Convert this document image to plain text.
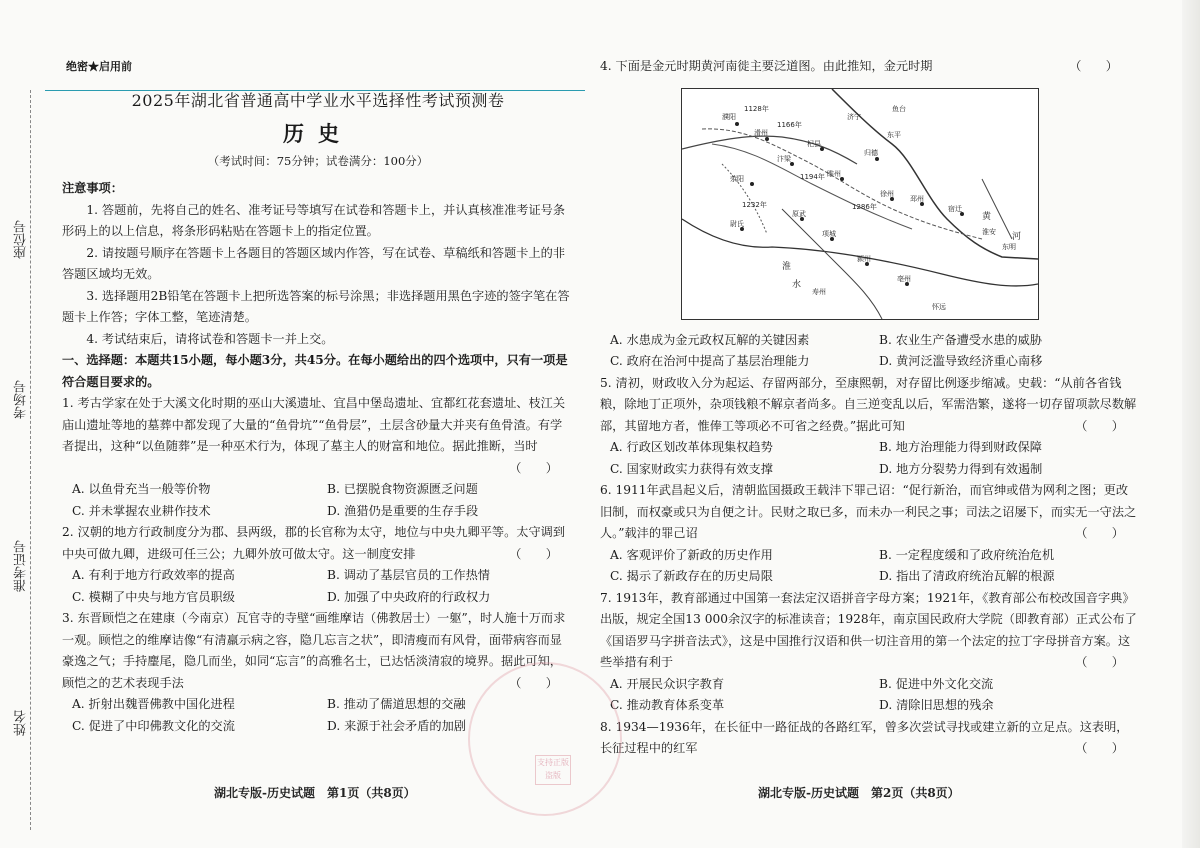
座位号
考场号
准考证号
姓名
绝密★启用前
2025年湖北省普通高中学业水平选择性考试预测卷
历史
（考试时间：75分钟；试卷满分：100分）
注意事项：
1. 答题前，先将自己的姓名、准考证号等填写在试卷和答题卡上，并认真核准准考证号条形码上的以上信息，将条形码粘贴在答题卡上的指定位置。
2. 请按题号顺序在答题卡上各题目的答题区域内作答，写在试卷、草稿纸和答题卡上的非答题区域均无效。
3. 选择题用2B铅笔在答题卡上把所选答案的标号涂黑；非选择题用黑色字迹的签字笔在答题卡上作答；字体工整，笔迹清楚。
4. 考试结束后，请将试卷和答题卡一并上交。
一、选择题：本题共15小题，每小题3分，共45分。在每小题给出的四个选项中，只有一项是符合题目要求的。
1. 考古学家在处于大溪文化时期的巫山大溪遗址、宜昌中堡岛遗址、宜都红花套遗址、枝江关庙山遗址等地的墓葬中都发现了大量的“鱼骨坑”“鱼骨层”，土层含砂量大并夹有鱼骨渣。有学者提出，这种“以鱼随葬”是一种巫术行为，体现了墓主人的财富和地位。据此推断，当时
（　　）
A. 以鱼骨充当一般等价物	B. 已摆脱食物资源匮乏问题
C. 并未掌握农业耕作技术	D. 渔猎仍是重要的生存手段
2. 汉朝的地方行政制度分为郡、县两级，郡的长官称为太守，地位与中央九卿平等。太守调到中央可做九卿，进级可任三公；九卿外放可做太守。这一制度安排	（　　）
A. 有利于地方行政效率的提高	B. 调动了基层官员的工作热情
C. 模糊了中央与地方官员职级	D. 加强了中央政府的行政权力
3. 东晋顾恺之在建康（今南京）瓦官寺的寺壁“画维摩诘（佛教居士）一躯”，时人施十万而求一观。顾恺之的维摩诘像“有清羸示病之容，隐几忘言之状”，即清瘦而有风骨，面带病容而显豪逸之气；手持麈尾，隐几而坐，如同“忘言”的高雅名士，已达恬淡清寂的境界。据此可知，顾恺之的艺术表现手法	（　　）
A. 折射出魏晋佛教中国化进程	B. 推动了儒道思想的交融
C. 促进了中印佛教文化的交流	D. 来源于社会矛盾的加剧
湖北专版-历史试题　第1页（共8页）
4. 下面是金元时期黄河南徙主要泛道图。由此推知，金元时期	（　　）
A. 水患成为金元政权瓦解的关键因素	B. 农业生产备遭受水患的威胁
C. 政府在治河中提高了基层治理能力	D. 黄河泛滥导致经济重心南移
5. 清初，财政收入分为起运、存留两部分，至康熙朝，对存留比例逐步缩减。史载：“从前各省钱粮，除地丁正项外，杂项钱粮不解京者尚多。自三逆变乱以后，军需浩繁，遂将一切存留项款尽数解部，其留地方者，惟俸工等项必不可省之经费。”据此可知	（　　）
A. 行政区划改革体现集权趋势	B. 地方治理能力得到财政保障
C. 国家财政实力获得有效支撑	D. 地方分裂势力得到有效遏制
6. 1911年武昌起义后，清朝监国摄政王载沣下罪己诏：“促行新治，而官绅或借为网利之图；更改旧制，而权豪或只为自便之计。民财之取已多，而未办一利民之事；司法之诏屡下，而实无一守法之人。”载沣的罪己诏	（　　）
A. 客观评价了新政的历史作用	B. 一定程度缓和了政府统治危机
C. 揭示了新政存在的历史局限	D. 指出了清政府统治瓦解的根源
7. 1913年，教育部通过中国第一套法定汉语拼音字母方案；1921年，《教育部公布校改国音字典》出版，规定全国13 000余汉字的标准读音；1928年，南京国民政府大学院（即教育部）正式公布了《国语罗马字拼音法式》，这是中国推行汉语和供一切注音用的第一个法定的拉丁字母拼音方案。这些举措有利于	（　　）
A. 开展民众识字教育	B. 促进中外文化交流
C. 推动教育体系变革	D. 清除旧思想的残余
8. 1934—1936年，在长征中一路征战的各路红军，曾多次尝试寻找或建立新的立足点。这表明，长征过程中的红军	（　　）
湖北专版-历史试题　第2页（共8页）
濮阳
滑州
荥阳
汴梁
杞县
睢州
归德
徐州
邳州
宿迁
原武
项城
颍州
亳州
尉氏
鱼台
东平
济宁
淮安
东明
怀远
寿州
1128年
1166年
1194年
1232年	1286年
黄
河
淮
水
支持正版
盗版
